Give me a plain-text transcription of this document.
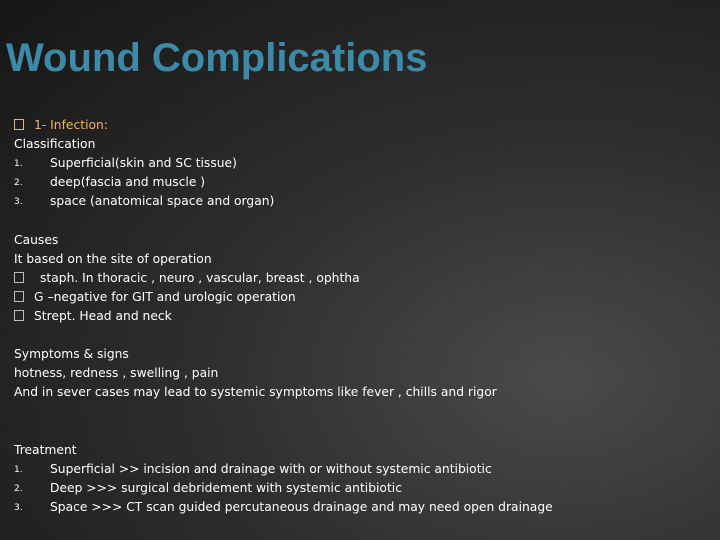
Wound Complications
1- Infection:
Classification
1. Superficial(skin and SC tissue)
2. deep(fascia and muscle )
3. space (anatomical space and organ)
Causes
It based on the site of operation
staph. In thoracic , neuro , vascular, breast , ophtha
G –negative for GIT and urologic operation
Strept. Head and neck
Symptoms & signs
hotness, redness , swelling , pain
And in sever cases may lead to systemic symptoms like fever , chills and rigor
Treatment
1. Superficial >> incision and drainage with or without systemic antibiotic
2. Deep >>> surgical debridement with systemic antibiotic
3. Space >>> CT scan guided percutaneous drainage and may need open drainage
